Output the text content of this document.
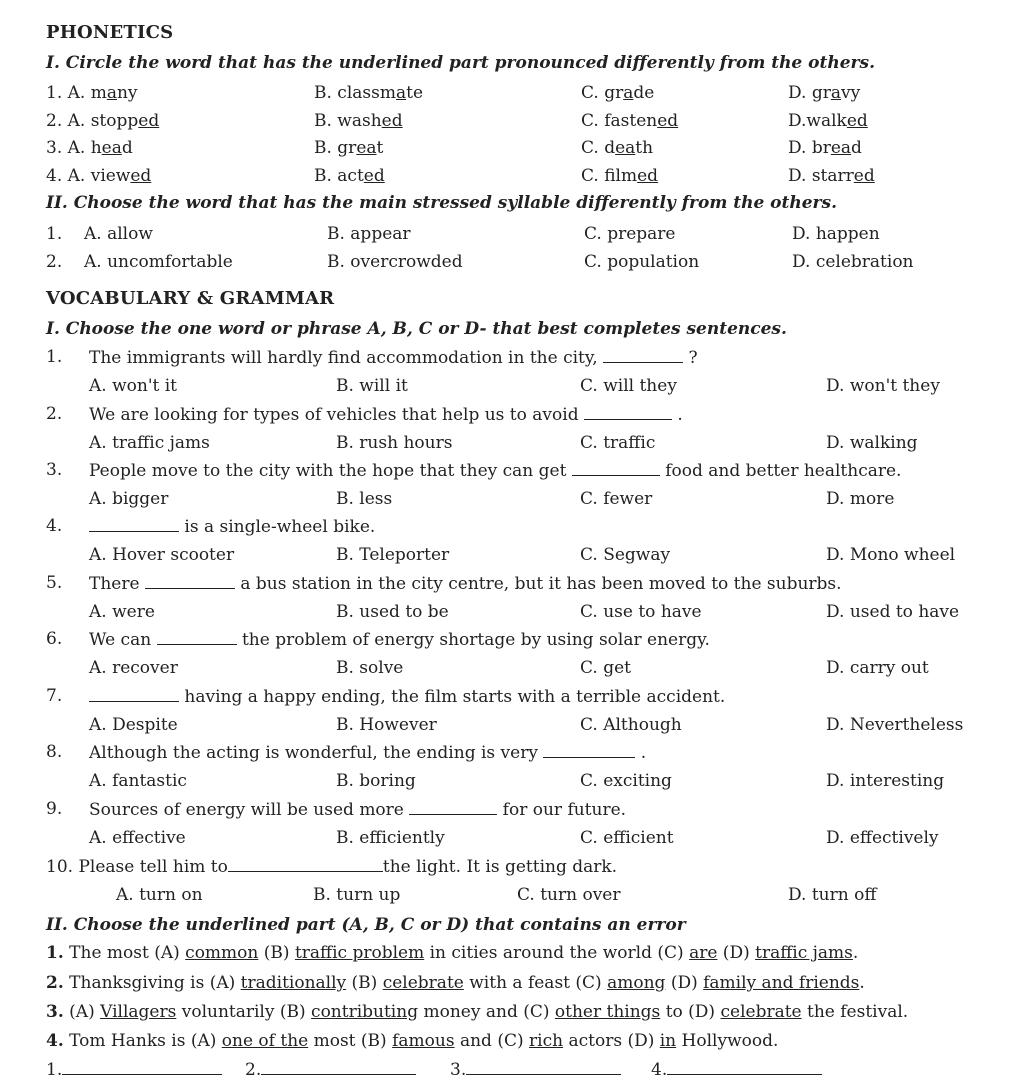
PHONETICS
I. Circle the word that has the underlined part pronounced differently from the others.
1. A. many	B. classmate	C. grade	D. gravy
2. A. stopped	B. washed	C. fastened	D.walked
3. A. head	B. great	C. death	D. bread
4. A. viewed	B. acted	C. filmed	D. starred
II. Choose the word that has the main stressed syllable differently from the others.
1. A. allow	B. appear	C. prepare	D. happen
2. A. uncomfortable	B. overcrowded	C. population	D. celebration
VOCABULARY & GRAMMAR
I. Choose the one word or phrase A, B, C or D- that best completes sentences.
1. The immigrants will hardly find accommodation in the city,	?
A. won't it	B. will it	C. will they	D. won't they
2. We are looking for types of vehicles that help us to avoid	.
A. traffic jams	B. rush hours	C. traffic	D. walking
3. People move to the city with the hope that they can get	food and better healthcare.
A. bigger	B. less	C. fewer	D. more
4.	is a single-wheel bike.
A. Hover scooter	B. Teleporter	C. Segway	D. Mono wheel
5. There	a bus station in the city centre, but it has been moved to the suburbs.
A. were	B. used to be	C. use to have	D. used to have
6. We can	the problem of energy shortage by using solar energy.
A. recover	B. solve	C. get	D. carry out
7.	having a happy ending, the film starts with a terrible accident.
A. Despite	B. However	C. Although	D. Nevertheless
8. Although the acting is wonderful, the ending is very	.
A. fantastic	B. boring	C. exciting	D. interesting
9. Sources of energy will be used more	for our future.
A. effective	B. efficiently	C. efficient	D. effectively
10. Please tell him to	the light. It is getting dark.
A. turn on	B. turn up	C. turn over	D. turn off
II. Choose the underlined part (A, B, C or D) that contains an error
1. The most (A) common (B) traffic problem in cities around the world (C) are (D) traffic jams.
2. Thanksgiving is (A) traditionally (B) celebrate with a feast (C) among (D) family and friends.
3. (A) Villagers voluntarily (B) contributing money and (C) other things to (D) celebrate the festival.
4. Tom Hanks is (A) one of the most (B) famous and (C) rich actors (D) in Hollywood.
1.	2.	3.	4.
